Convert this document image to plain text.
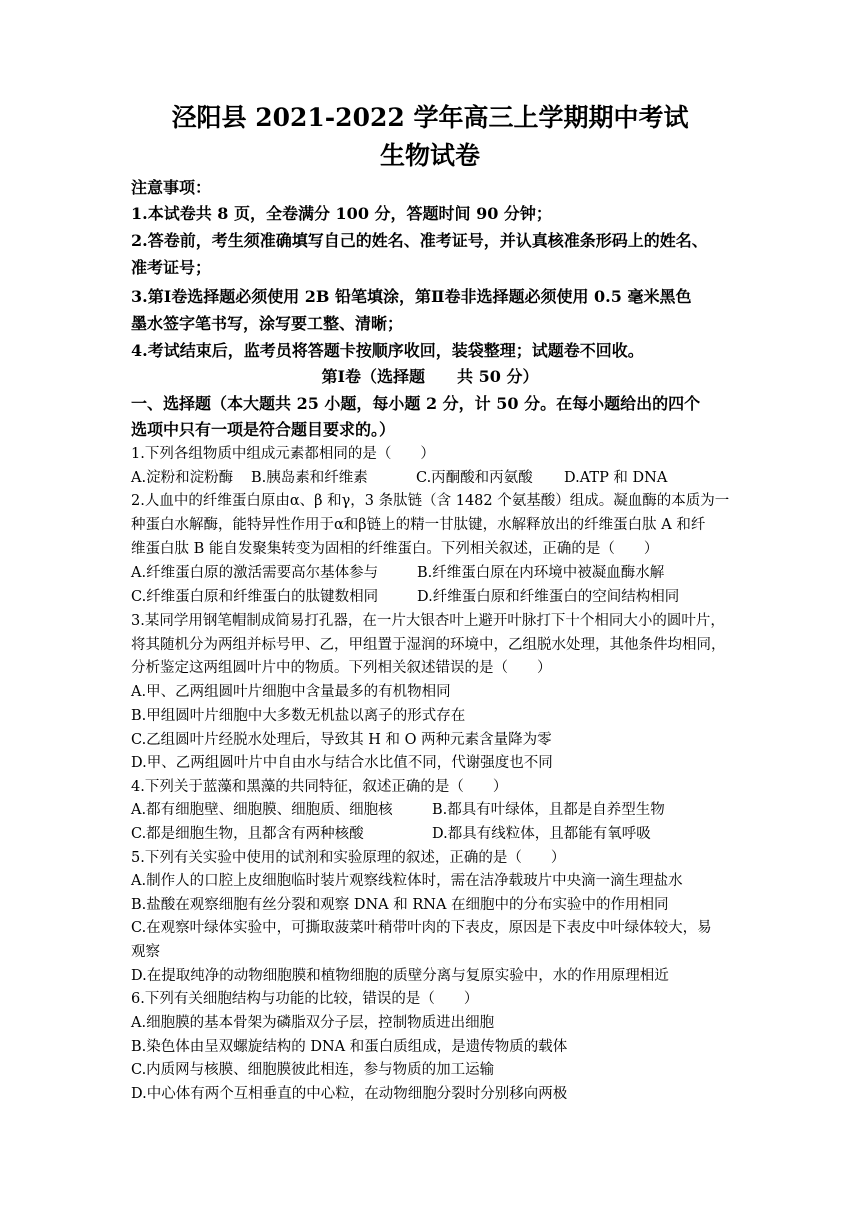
泾阳县 2021-2022 学年高三上学期期中考试
生物试卷
注意事项：
1.本试卷共 8 页，全卷满分 100 分，答题时间 90 分钟；
2.答卷前，考生须准确填写自己的姓名、准考证号，并认真核准条形码上的姓名、
准考证号；
3.第Ⅰ卷选择题必须使用 2B 铅笔填涂，第Ⅱ卷非选择题必须使用 0.5 毫米黑色
墨水签字笔书写，涂写要工整、清晰；
4.考试结束后，监考员将答题卡按顺序收回，装袋整理；试题卷不回收。
第Ⅰ卷（选择题　　共 50 分）
一、选择题（本大题共 25 小题，每小题 2 分，计 50 分。在每小题给出的四个
选项中只有一项是符合题目要求的。）
1.下列各组物质中组成元素都相同的是（　　）
A.淀粉和淀粉酶 B.胰岛素和纤维素	C.丙酮酸和丙氨酸 D.ATP 和 DNA
2.人血中的纤维蛋白原由α、β 和γ，3 条肽链（含 1482 个氨基酸）组成。凝血酶的本质为一
种蛋白水解酶，能特异性作用于α和β链上的精一甘肽键，水解释放出的纤维蛋白肽 A 和纤
维蛋白肽 B 能自发聚集转变为固相的纤维蛋白。下列相关叙述，正确的是（　　）
A.纤维蛋白原的激活需要高尔基体参与	B.纤维蛋白原在内环境中被凝血酶水解
C.纤维蛋白原和纤维蛋白的肽键数相同	D.纤维蛋白原和纤维蛋白的空间结构相同
3.某同学用钢笔帽制成简易打孔器，在一片大银杏叶上避开叶脉打下十个相同大小的圆叶片，
将其随机分为两组并标号甲、乙，甲组置于湿润的环境中，乙组脱水处理，其他条件均相同，
分析鉴定这两组圆叶片中的物质。下列相关叙述错误的是（　　）
A.甲、乙两组圆叶片细胞中含量最多的有机物相同
B.甲组圆叶片细胞中大多数无机盐以离子的形式存在
C.乙组圆叶片经脱水处理后，导致其 H 和 O 两种元素含量降为零
D.甲、乙两组圆叶片中自由水与结合水比值不同，代谢强度也不同
4.下列关于蓝藻和黑藻的共同特征，叙述正确的是（　　）
A.都有细胞壁、细胞膜、细胞质、细胞核	B.都具有叶绿体，且都是自养型生物
C.都是细胞生物，且都含有两种核酸	D.都具有线粒体，且都能有氧呼吸
5.下列有关实验中使用的试剂和实验原理的叙述，正确的是（　　）
A.制作人的口腔上皮细胞临时装片观察线粒体时，需在洁净载玻片中央滴一滴生理盐水
B.盐酸在观察细胞有丝分裂和观察 DNA 和 RNA 在细胞中的分布实验中的作用相同
C.在观察叶绿体实验中，可撕取菠菜叶稍带叶肉的下表皮，原因是下表皮中叶绿体较大，易
观察
D.在提取纯净的动物细胞膜和植物细胞的质壁分离与复原实验中，水的作用原理相近
6.下列有关细胞结构与功能的比较，错误的是（　　）
A.细胞膜的基本骨架为磷脂双分子层，控制物质进出细胞
B.染色体由呈双螺旋结构的 DNA 和蛋白质组成，是遗传物质的载体
C.内质网与核膜、细胞膜彼此相连，参与物质的加工运输
D.中心体有两个互相垂直的中心粒，在动物细胞分裂时分别移向两极
